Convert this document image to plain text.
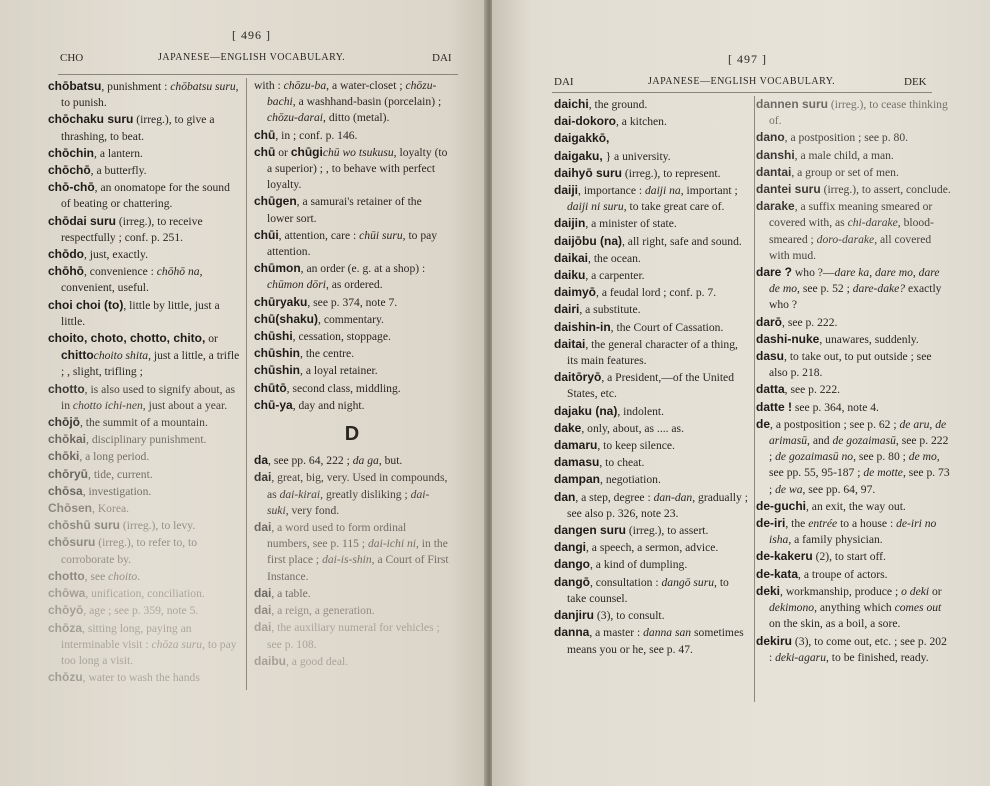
[ 496 ]
CHO	JAPANESE—ENGLISH VOCABULARY.	DAI

chōbatsu, punishment : chōbatsu suru, to punish.

chōchaku suru (irreg.), to give a thrashing, to beat.

chōchin, a lantern.

chōchō, a butterfly.

chō-chō, an onomatope for the sound of beating or chattering.

chōdai suru (irreg.), to receive respectfully ; conf. p. 251.

chōdo, just, exactly.

chōhō, convenience : chōhō na, convenient, useful.

choi choi (to), little by little, just a little.

choito, choto, chotto, chito, or chittochoito shita, just a little, a trifle ; , slight, trifling ;

chotto, is also used to signify about, as in chotto ichi-nen, just about a year.

chōjō, the summit of a mountain.

chōkai, disciplinary punishment.

chōki, a long period.

chōryū, tide, current.

chōsa, investigation.

Chōsen, Korea.

chōshū suru (irreg.), to levy.

chōsuru (irreg.), to refer to, to corroborate by.

chotto, see choito.

chōwa, unification, conciliation.

chōyō, age ; see p. 359, note 5.

chōza, sitting long, paying an interminable visit : chōza suru, to pay too long a visit.

chōzu, water to wash the hands

with : chōzu-ba, a water-closet ; chōzu-bachi, a washhand-basin (porcelain) ; chōzu-darai, ditto (metal).

chū, in ; conf. p. 146.

chū or chūgichū wo tsukusu, loyalty (to a superior) ; , to behave with perfect loyalty.

chūgen, a samurai's retainer of the lower sort.

chūi, attention, care : chūi suru, to pay attention.

chūmon, an order (e. g. at a shop) : chūmon dōri, as ordered.

chūryaku, see p. 374, note 7.

chū(shaku), commentary.

chūshi, cessation, stoppage.

chūshin, the centre.

chūshin, a loyal retainer.

chūtō, second class, middling.

chū-ya, day and night.

D

da, see pp. 64, 222 ; da ga, but.

dai, great, big, very. Used in compounds, as dai-kirai, greatly disliking ; dai-suki, very fond.

dai, a word used to form ordinal numbers, see p. 115 ; dai-ichi ni, in the first place ; dai-is-shin, a Court of First Instance.

dai, a table.

dai, a reign, a generation.

dai, the auxiliary numeral for vehicles ; see p. 108.

daibu, a good deal.

[ 497 ]
DAI	JAPANESE—ENGLISH VOCABULARY.	DEK

daichi, the ground.

dai-dokoro, a kitchen.

daigakkō,

daigaku, } a university.

daihyō suru (irreg.), to represent.

daiji, importance : daiji na, important ; daiji ni suru, to take great care of.

daijin, a minister of state.

daijōbu (na), all right, safe and sound.

daikai, the ocean.

daiku, a carpenter.

daimyō, a feudal lord ; conf. p. 7.

dairi, a substitute.

daishin-in, the Court of Cassation.

daitai, the general character of a thing, its main features.

daitōryō, a President,—of the United States, etc.

dajaku (na), indolent.

dake, only, about, as .... as.

damaru, to keep silence.

damasu, to cheat.

dampan, negotiation.

dan, a step, degree : dan-dan, gradually ; see also p. 326, note 23.

dangen suru (irreg.), to assert.

dangi, a speech, a sermon, advice.

dango, a kind of dumpling.

dangō, consultation : dangō suru, to take counsel.

danjiru (3), to consult.

danna, a master : danna san sometimes means you or he, see p. 47.

dannen suru (irreg.), to cease thinking of.

dano, a postposition ; see p. 80.

danshi, a male child, a man.

dantai, a group or set of men.

dantei suru (irreg.), to assert, conclude.

darake, a suffix meaning smeared or covered with, as chi-darake, blood-smeared ; doro-darake, all covered with mud.

dare ? who ?—dare ka, dare mo, dare de mo, see p. 52 ; dare-dake? exactly who ?

darō, see p. 222.

dashi-nuke, unawares, suddenly.

dasu, to take out, to put outside ; see also p. 218.

datta, see p. 222.

datte ! see p. 364, note 4.

de, a postposition ; see p. 62 ; de aru, de arimasū, and de gozaimasū, see p. 222 ; de gozaimasū no, see p. 80 ; de mo, see pp. 55, 95-187 ; de motte, see p. 73 ; de wa, see pp. 64, 97.

de-guchi, an exit, the way out.

de-iri, the entrée to a house : de-iri no isha, a family physician.

de-kakeru (2), to start off.

de-kata, a troupe of actors.

deki, workmanship, produce ; o deki or dekimono, anything which comes out on the skin, as a boil, a sore.

dekiru (3), to come out, etc. ; see p. 202 : deki-agaru, to be finished, ready.
